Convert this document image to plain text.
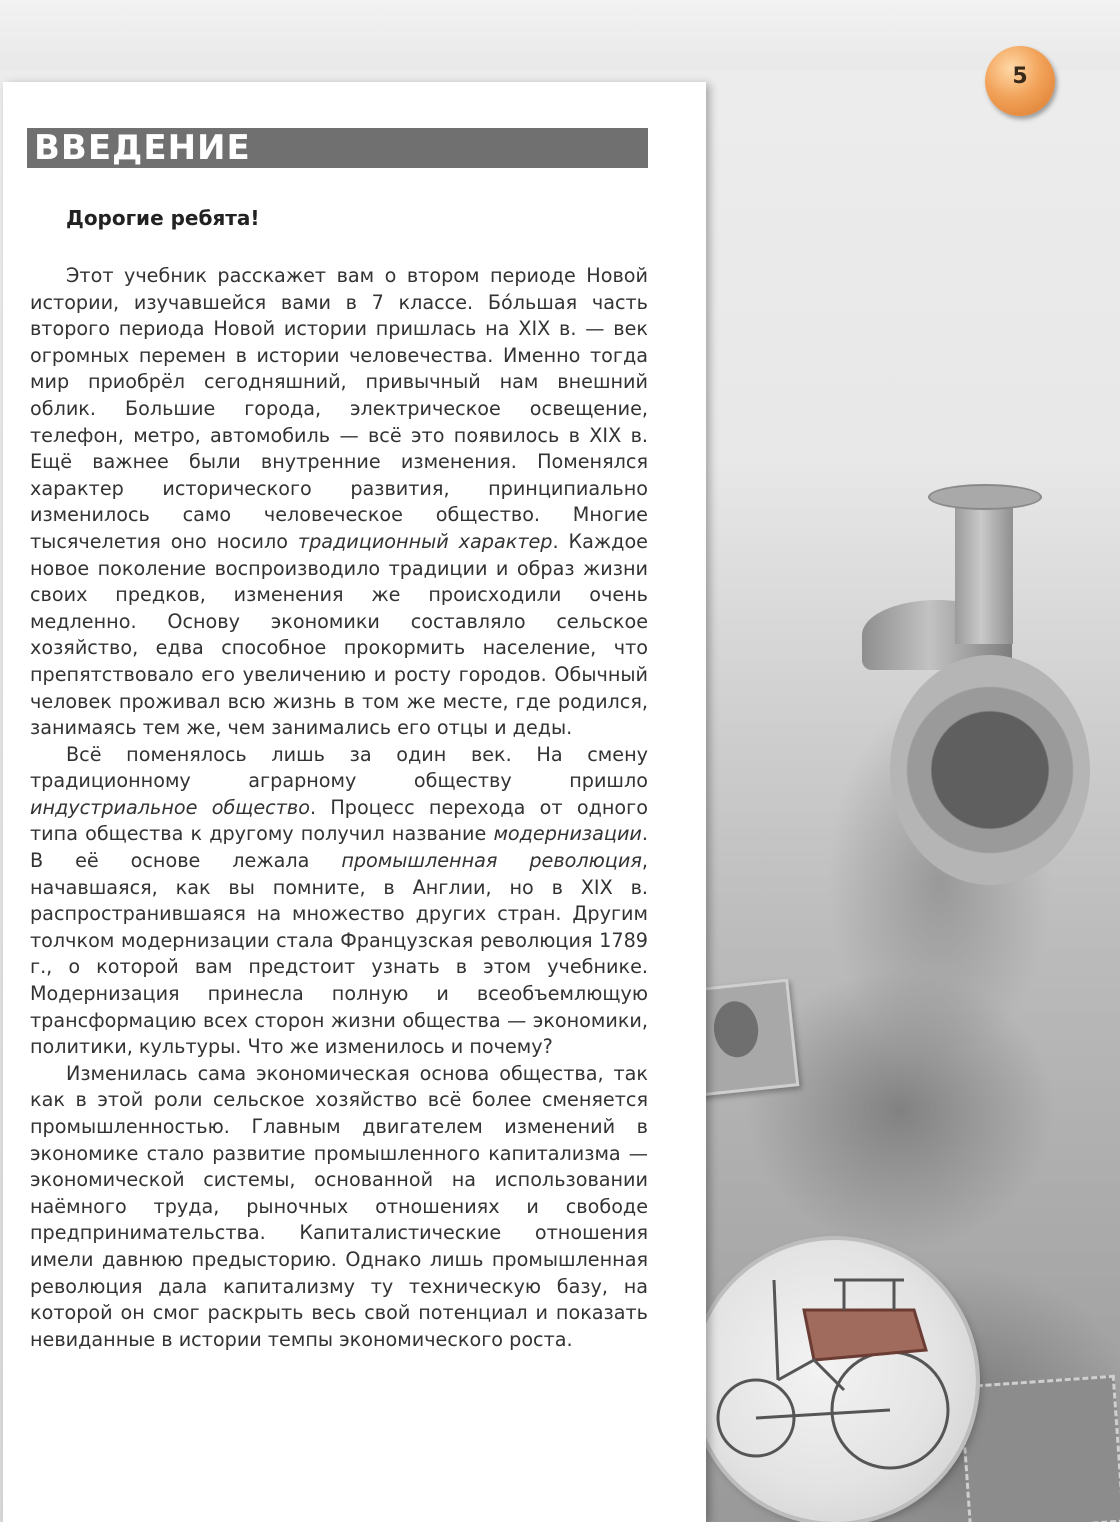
ВВЕДЕНИЕ
Дорогие ребята!

Этот учебник расскажет вам о втором периоде Новой истории, изучавшейся вами в 7 классе. Бо́льшая часть второго периода Новой истории пришлась на XIX в. — век огромных перемен в истории человечества. Именно тогда мир приобрёл сегодняшний, привычный нам внешний облик. Большие города, электрическое освещение, телефон, метро, автомобиль — всё это появилось в XIX в. Ещё важнее были внутренние изменения. Поменялся характер исторического развития, принципиально изменилось само человеческое общество. Многие тысячелетия оно носило традиционный характер. Каждое новое поколение воспроизводило традиции и образ жизни своих предков, изменения же происходили очень медленно. Основу экономики составляло сельское хозяйство, едва способное прокормить население, что препятствовало его увеличению и росту городов. Обычный человек проживал всю жизнь в том же месте, где родился, занимаясь тем же, чем занимались его отцы и деды.

Всё поменялось лишь за один век. На смену традиционному аграрному обществу пришло индустриальное общество. Процесс перехода от одного типа общества к другому получил название модернизации. В её основе лежала промышленная революция, начавшаяся, как вы помните, в Англии, но в XIX в. распространившаяся на множество других стран. Другим толчком модернизации стала Французская революция 1789 г., о которой вам предстоит узнать в этом учебнике. Модернизация принесла полную и всеобъемлющую трансформацию всех сторон жизни общества — экономики, политики, культуры. Что же изменилось и почему?

Изменилась сама экономическая основа общества, так как в этой роли сельское хозяйство всё более сменяется промышленностью. Главным двигателем изменений в экономике стало развитие промышленного капитализма — экономической системы, основанной на использовании наёмного труда, рыночных отношениях и свободе предпринимательства. Капиталистические отношения имели давнюю предысторию. Однако лишь промышленная революция дала капитализму ту техническую базу, на которой он смог раскрыть весь свой потенциал и показать невиданные в истории темпы экономического роста.

5
